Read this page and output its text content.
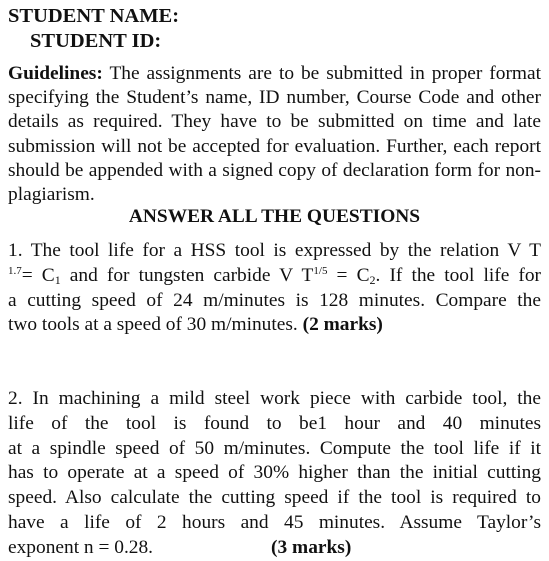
STUDENT NAME:
STUDENT ID:
Guidelines: The assignments are to be submitted in proper format specifying the Student’s name, ID number, Course Code and other details as required. They have to be submitted on time and late submission will not be accepted for evaluation. Further, each report should be appended with a signed copy of declaration form for non-plagiarism.
ANSWER ALL THE QUESTIONS
1. The tool life for a HSS tool is expressed by the relation V T
$^{1.7}= C_1$ and for tungsten carbide V $T^{1/5} = C_2$. If the tool life for
a cutting speed of 24 m/minutes is 128 minutes. Compare the
two tools at a speed of 30 m/minutes. (2 marks)
2. In machining a mild steel work piece with carbide tool, the
life of the tool is found to be1 hour and 40 minutes
at a spindle speed of 50 m/minutes. Compute the tool life if it
has to operate at a speed of 30% higher than the initial cutting
speed. Also calculate the cutting speed if the tool is required to
have a life of 2 hours and 45 minutes. Assume Taylor’s
exponent n = 0.28.	(3 marks)
